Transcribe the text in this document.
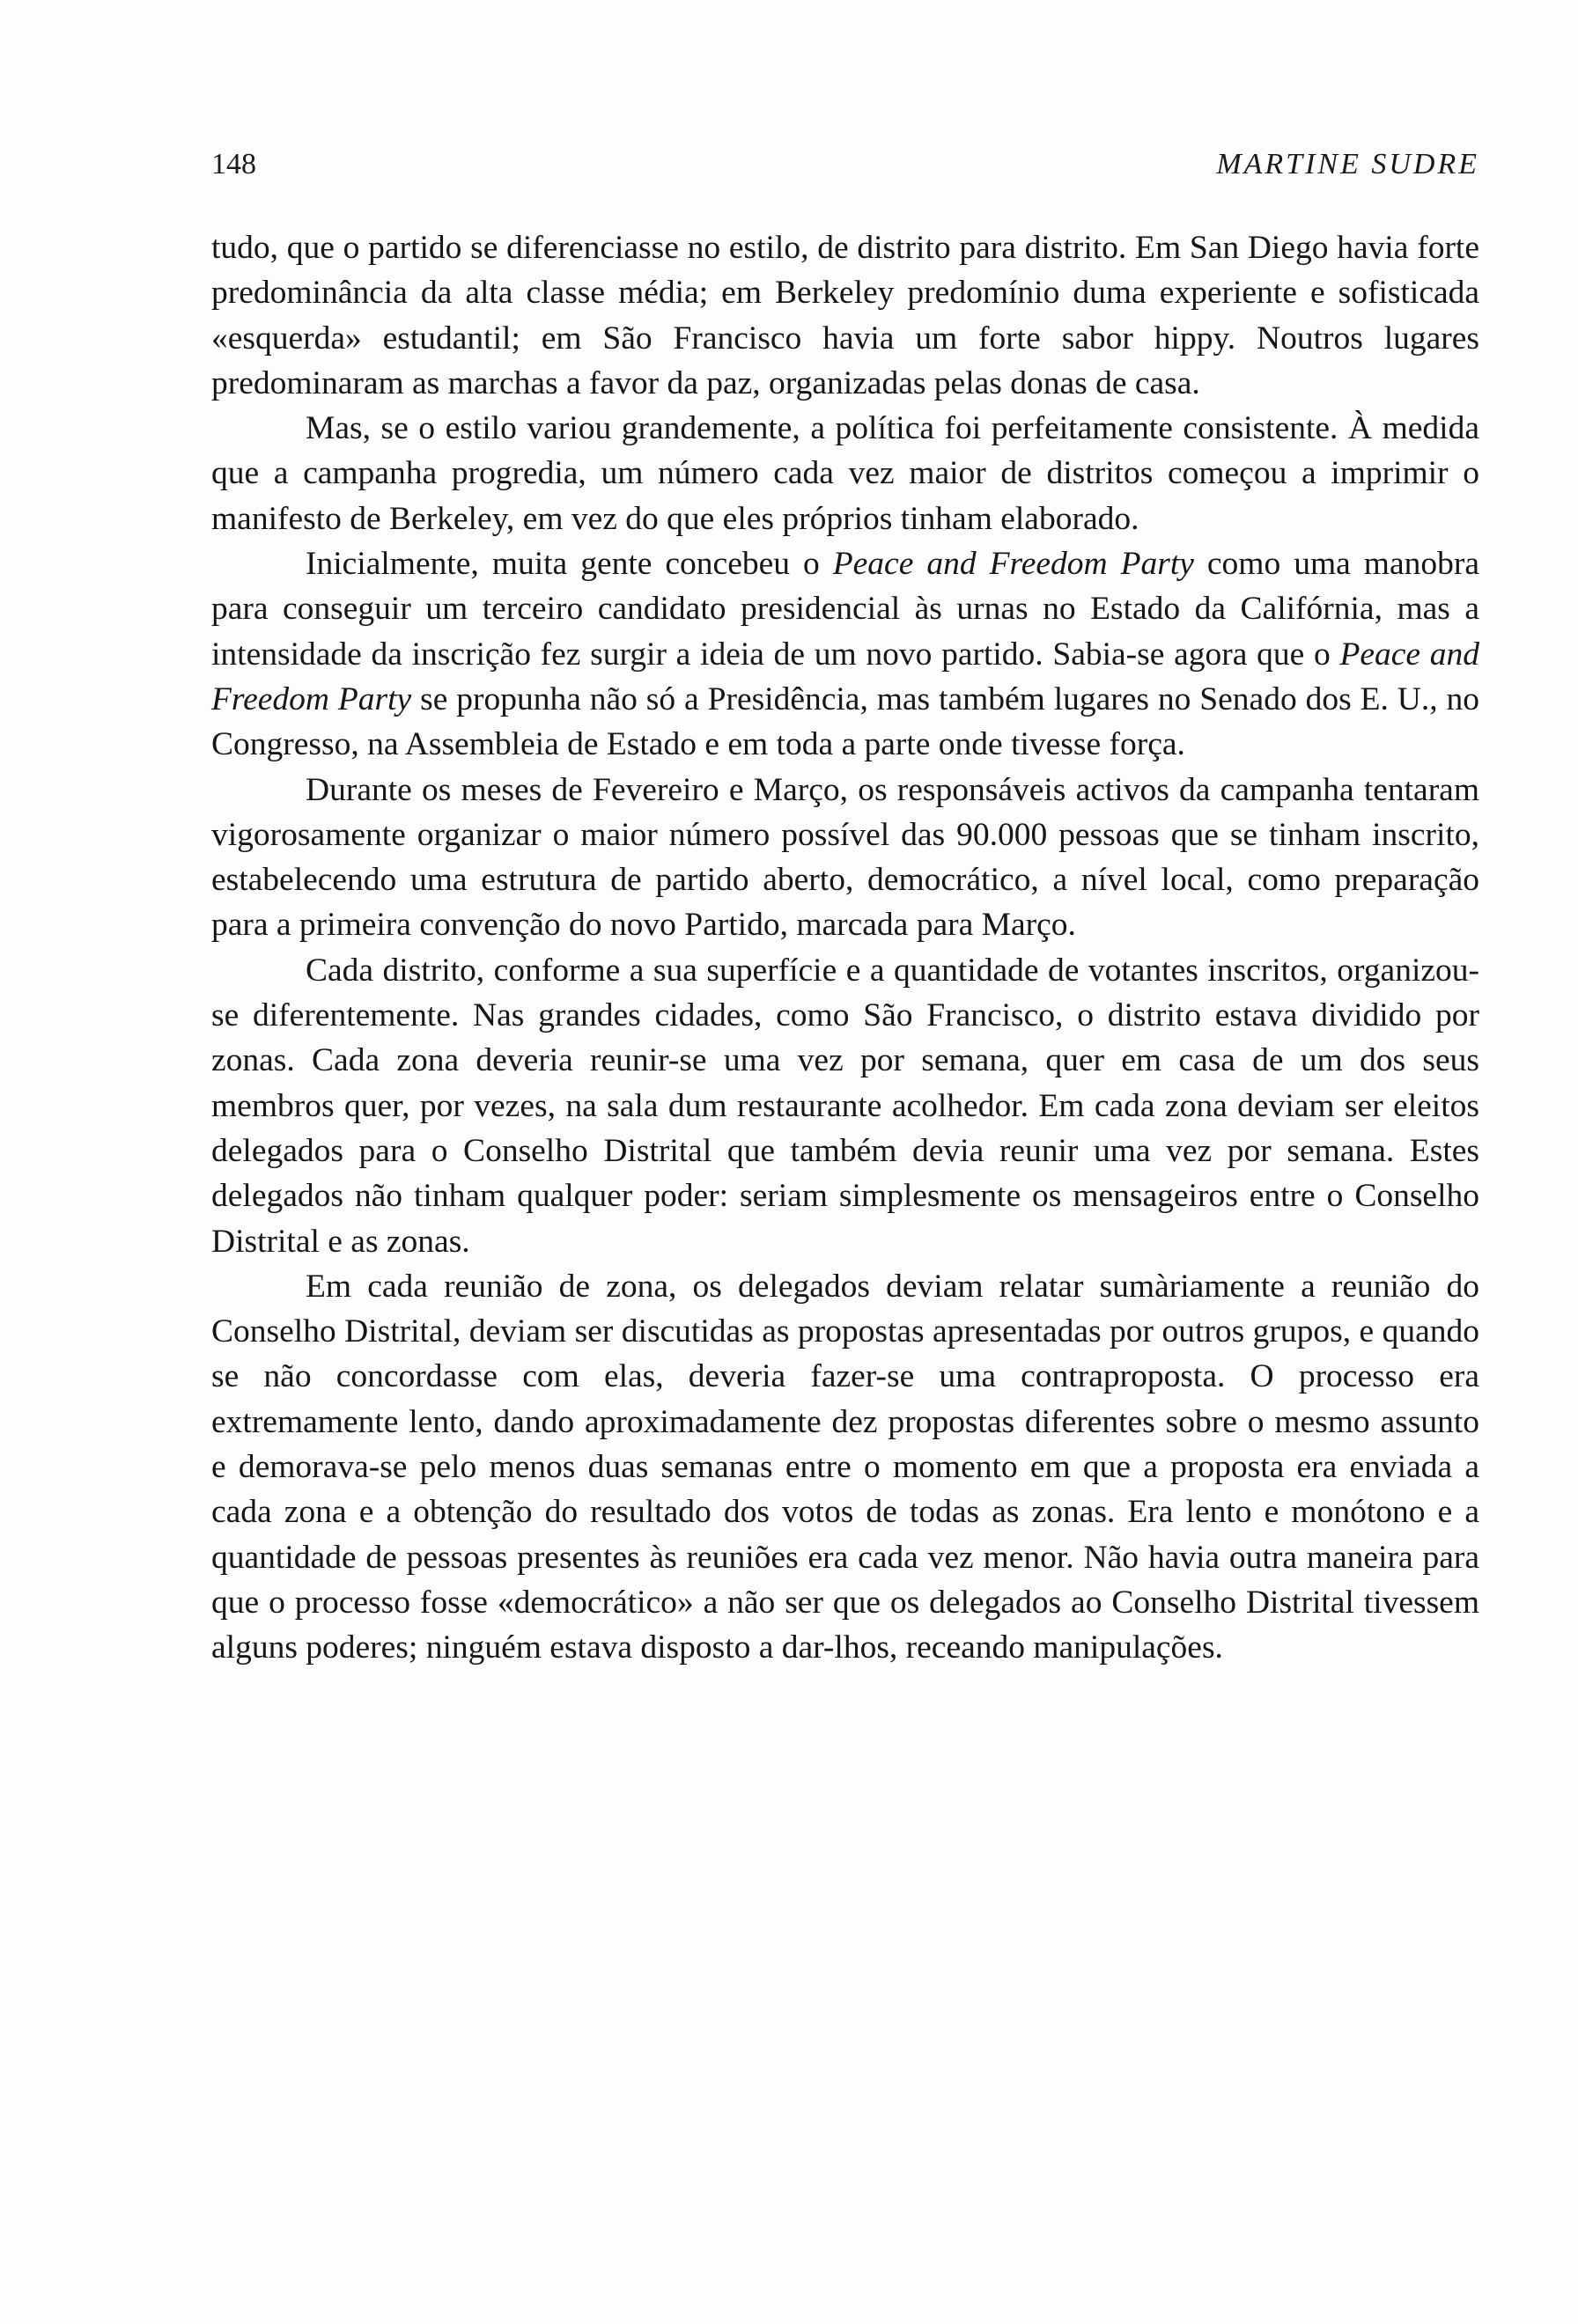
148	MARTINE SUDRE

tudo, que o partido se diferenciasse no estilo, de distrito para distrito. Em San Diego havia forte predominância da alta classe média; em Berkeley predomínio duma experiente e sofisticada «esquerda» estudantil; em São Francisco havia um forte sabor hippy. Noutros lugares predominaram as marchas a favor da paz, organizadas pelas donas de casa.

Mas, se o estilo variou grandemente, a política foi perfeitamente consistente. À medida que a campanha progredia, um número cada vez maior de distritos começou a imprimir o manifesto de Berkeley, em vez do que eles próprios tinham elaborado.

Inicialmente, muita gente concebeu o Peace and Freedom Party como uma manobra para conseguir um terceiro candidato presidencial às urnas no Estado da Califórnia, mas a intensidade da inscrição fez surgir a ideia de um novo partido. Sabia-se agora que o Peace and Freedom Party se propunha não só a Presidência, mas também lugares no Senado dos E. U., no Congresso, na Assembleia de Estado e em toda a parte onde tivesse força.

Durante os meses de Fevereiro e Março, os responsáveis activos da campanha tentaram vigorosamente organizar o maior número possível das 90.000 pessoas que se tinham inscrito, estabelecendo uma estrutura de partido aberto, democrático, a nível local, como preparação para a primeira convenção do novo Partido, marcada para Março.

Cada distrito, conforme a sua superfície e a quantidade de votantes inscritos, organizou-se diferentemente. Nas grandes cidades, como São Francisco, o distrito estava dividido por zonas. Cada zona deveria reunir-se uma vez por semana, quer em casa de um dos seus membros quer, por vezes, na sala dum restaurante acolhedor. Em cada zona deviam ser eleitos delegados para o Conselho Distrital que também devia reunir uma vez por semana. Estes delegados não tinham qualquer poder: seriam simplesmente os mensageiros entre o Conselho Distrital e as zonas.

Em cada reunião de zona, os delegados deviam relatar sumàriamente a reunião do Conselho Distrital, deviam ser discutidas as propostas apresentadas por outros grupos, e quando se não concordasse com elas, deveria fazer-se uma contraproposta. O processo era extremamente lento, dando aproximadamente dez propostas diferentes sobre o mesmo assunto e demorava-se pelo menos duas semanas entre o momento em que a proposta era enviada a cada zona e a obtenção do resultado dos votos de todas as zonas. Era lento e monótono e a quantidade de pessoas presentes às reuniões era cada vez menor. Não havia outra maneira para que o processo fosse «democrático» a não ser que os delegados ao Conselho Distrital tivessem alguns poderes; ninguém estava disposto a dar-lhos, receando manipulações.
